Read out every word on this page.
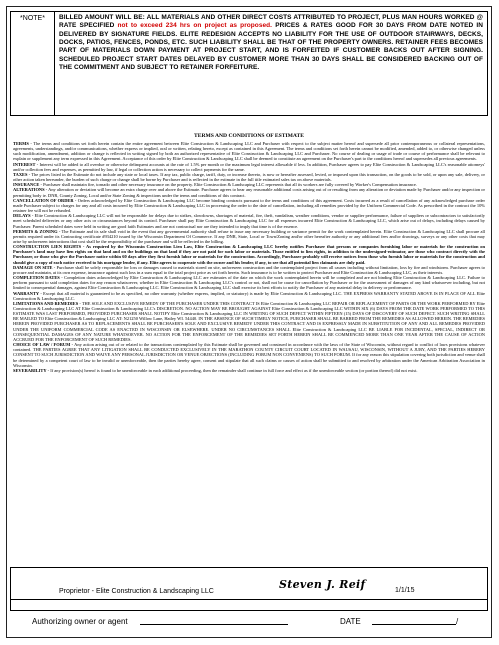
*NOTE*	BILLED AMOUNT WILL BE: ALL MATERIALS AND OTHER DIRECT COSTS ATTRIBUTED TO PROJECT, PLUS MAN HOURS WORKED @ RATE SPECIFIED not to exceed 234 hrs on project as proposed. PRICES & RATES GOOD FOR 30 DAYS FROM DATE NOTED IN DELIVERED BY SIGNATURE FIELDS. ELITE REDESIGN ACCEPTS NO LIABILITY FOR THE USE OF OUTDOOR STAIRWAYS, DECKS, DOCKS, PATIOS, FENCES, PONDS, ETC. SUCH LIABILITY SHALL BE THAT OF THE PROPERTY OWNERS. RETAINER FEES BECOMES PART OF MATERIALS DOWN PAYMENT AT PROJECT START, AND IS FORFEITED IF CUSTOMER BACKS OUT AFTER SIGNING. SCHEDULED PROJECT START DATES DELAYED BY CUSTOMER MORE THAN 30 DAYS SHALL BE CONSIDERED BACKING OUT OF THE COMMITMENT AND SUBJECT TO RETAINER FORFEITURE.
TERMS AND CONDITIONS OF ESTIMATE

TERMS - The terms and conditions set forth herein contain the entire agreement between Elite Construction & Landscaping LLC and Purchaser with respect to the subject matter hereof and supersede all prior contemporaneous or collateral representations, agreements, understandings, and/or communications, whether express or implied, oral or written, relating hereto, except as contained in this Agreement. The terms and conditions set forth herein cannot be modified, amended, added to, or otherwise changed unless such modification, amendment, addition or change is reflected in writing signed by both an authorized representative of Elite Construction & Landscaping LLC and Purchaser. No course of dealing or usage of trade or course of performance shall be relevant to explain or supplement any term expressed in this Agreement. Acceptance of this order by Elite Construction & Landscaping LLC shall be deemed to constitute an agreement on the Purchaser's part to the conditions hereof and supersedes all previous agreements.

INTEREST - Interest will be added to all overdue or otherwise delinquent accounts at the rate of 1.5% per month or the maximum legal interest allowable if less. In addition, Purchaser agrees to pay Elite Construction & Landscaping LLC's reasonable attorneys' and/or collection fees and expenses, as permitted by law, if legal or collection action is necessary to collect payments for the same.

TAXES - The prices listed in the Estimate do not include any state or local taxes. If any tax, public charge, tariff, duty, or increase thereto, is now or hereafter assessed, levied, or imposed upon this transaction, on the goods to be sold, or upon any sale, delivery, or other action taken hereunder, the burden of such charge or change shall be borne by Purchaser and is reflected in the estimate in the full title estimated sales tax on above materials.

INSURANCE - Purchaser shall maintain fire, tornado and other necessary insurance on the property. Elite Construction & Landscaping LLC represents that all its workers are fully covered by Worker's Compensation insurance.

ALTERATIONS - Any alteration or deviation will become an extra charge over and above the Estimate. Purchaser agrees to bear any reasonable additional costs arising out of or resulting from any alteration or deviation made by Purchaser and/or any inspection or permitting body ie. DNR, County Zoning, Local and/or State Zoning & inspections under the terms and conditions of this contract.

CANCELLATION OF ORDER - Orders acknowledged by Elite Construction & Landscaping LLC become binding contracts pursuant to the terms and conditions of this agreement. Costs incurred as a result of cancellation of any acknowledged purchase order made Purchaser subject to charges for any and all costs incurred by Elite Construction & Landscaping LLC in processing the order to the date of cancellation, including all remedies provided by the Uniform Commercial Code. As prescribed in the contract the 10% retainer fee will not be refunded.

DELAYS - Elite Construction & Landscaping LLC will not be responsible for delays due to strikes, slowdowns, shortages of material, fire, theft, vandalism, weather conditions, vendor or supplier performance, failure of suppliers or subcontractors to satisfactorily meet scheduled deliveries or any other acts or circumstances beyond its control. Purchaser shall pay Elite Construction & Landscaping LLC for all expenses incurred Elite Construction & Landscaping LLC, which arise out of delays, including delays caused by Purchaser. Parent scheduled dates were held in writing are good faith Estimates and are not contractual nor are they intended to imply that time is of the essence.

PERMITS & ZONING - The Estimate and its sale shall void in the event that any governmental authority shall refuse to issue any necessary building or variance permit for the work contemplated herein. Elite Construction & Landscaping LLC shall procure all permits required under its Contracting certificate #934210 issued by the Wisconsin Department Of Commerce. If any DNR, State, Local or Town/Zoning and/or other hereafter authority or any additional fees and/or drawings, surveys or any other costs that may arise by unforeseen interactions that cost shall be the responsibility of the purchaser and will be reflected in the billing.

CONSTRUCTION LIEN RIGHTS - As required by the Wisconsin Construction Lien Law, Elite Construction & Landscaping LLC hereby notifies Purchaser that persons or companies furnishing labor or materials for the construction on Purchaser's land may have lien rights on that land and on the buildings on that land if they are not paid for such labor or materials. Those entitled to lien rights, in addition to the undersigned-estimator, are those who contract directly with the Purchaser, or those who give the Purchaser notice within 60 days after they first furnish labor or materials for the construction. Accordingly, Purchaser probably will receive notices from those who furnish labor or materials for the construction and should give a copy of each notice received to his mortgage lender, if any. Elite agrees to cooperate with the owner and his lender, if any, to see that all potential lien claimants are duly paid.

DAMAGE ON SITE - Purchaser shall be solely responsible for loss or damages caused to materials stored on site, unforeseen construction and the contemplated project from all causes including without limitation, loss by fire and windstorm. Purchaser agrees to procure and maintain, at its own expense, insurance against such loss in a sum equal to the total project price as set forth herein. Such insurance is to be written to protect Purchaser and Elite Construction & Landscaping LLC, as their interests.

COMPLETION DATES - Completion dates acknowledged by Elite Construction & Landscaping LLC are estimates of the date on which the work contemplated herein will be completed and are not binding Elite Construction & Landscaping LLC. Failure to perform pursuant to said completion dates for any reason whatsoever, whether in Elite Construction & Landscaping LLC's control or not, shall not be cause for cancellation by Purchaser or for the assessment of damages of any kind whatsoever including, but not limited to consequential damages, against Elite Construction & Landscaping LLC. Elite Construction & Landscaping LLC shall exercise its best efforts to notify the Purchaser of any material delay in delivery or performance.

WARRANTY - Except that all material is guaranteed to be as specified, no other warranty (whether express, implied, or statutory) is made by Elite Construction & Landscaping LLC. THE EXPRESS WARRANTY STATED ABOVE IS IN PLACE OF ALL Elite Construction & Landscaping LLC.

LIMITATIONS AND REMEDIES - THE SOLE AND EXCLUSIVE REMEDY OF THE PURCHASER UNDER THIS CONTRACT IS Elite Construction & Landscaping LLC REPAIR OR REPLACEMENT OF PARTS OR THE WORK PERFORMED BY Elite Construction & Landscaping LLC AT Elite Construction & Landscaping LLC's DISCRETION. NO ACTION MAY BE BROUGHT AGAINST Elite Construction & Landscaping LLC WITHIN SIX (6) DAYS FROM THE DATE WORK PERFORMED TO THIS ESTIMATE WAS LAST PERFORMED, PROVIDED PURCHASER SHALL NOTIFY Elite Construction & Landscaping LLC IN WRITING OF SUCH DEFECT WITHIN FIFTEEN (15) DAYS OF DISCOVERY OF SUCH DEFECT. SUCH WRITING SHALL BE MAILED TO Elite Construction & Landscaping LLC AT: N21250 Willow Lane, Hatley WI. 54440. IN THE ABSENCE OF SUCH TIMELY NOTICE, PURCHASER SHALL BE BARRED FROM THE REMEDIES AS ALLOWED HEREIN. THE REMEDIES HEREIN PROVIDED PURCHASER AS TO REPLACEMENTS SHALL BE PURCHASER'S SOLE AND EXCLUSIVE REMEDY UNDER THIS CONTRACT AND IS EXPRESSLY MADE IN SUBSTITUTION OF ANY AND ALL REMEDIES PROVIDED UNDER THE UNIFORM COMMERCIAL CODE AS ENACTED IN WISCONSIN OR ELSEWHERE. UNDER NO CIRCUMSTANCES SHALL Elite Construction & Landscaping LLC BE LIABLE FOR INCIDENTAL, SPECIAL, INDIRECT OR CONSEQUENTIAL DAMAGES OF ANY NATURE WHATSOEVER. NO ACTION FOR THE ENFORCEMENT OF THE REMEDIES SET FORTH HEREIN SHALL BE COMMENCED MORE THAN ONE YEAR AFTER THE CAUSE OF ACTION ACCRUED FOR THE ENFORCEMENT OF SUCH REMEDIES.

CHOICE OF LAW / FORUM - Any action arising out of or related to the transactions contemplated by this Estimate shall be governed and construed in accordance with the laws of the State of Wisconsin, without regard to conflict of laws provisions whatever contained. THE PARTIES AGREE THAT ANY LITIGATION SHALL BE CONDUCTED EXCLUSIVELY IN THE MARATHON COUNTY CIRCUIT COURT LOCATED IN WAUSAU, WISCONSIN, WITHOUT A JURY, AND THE PARTIES HEREBY CONSENT TO SUCH JURISDICTION AND WAIVE ANY PERSONAL JURISDICTION OR VENUE OBJECTIONS (INCLUDING FORUM NON CONVENIENS) TO SUCH FORUM. If for any reason this stipulation covering both jurisdiction and venue shall be determined by a competent court of law to be invalid or unenforceable, then the parties hereby agree, consent and stipulate that all such claims or causes of action shall be submitted to and resolved by arbitration under the American Arbitration Association in Wisconsin.

SEVERABILITY - If any provision(s) hereof is found to be unenforceable in each additional proceeding, then the remainder shall continue in full force and effect as if the unenforceable section (or portion thereof) did not exist.

Proprietor - Elite Construction & Landscaping LLC
Steven J. Reif	1/1/15
Authorizing owner or agent	DATE	/
